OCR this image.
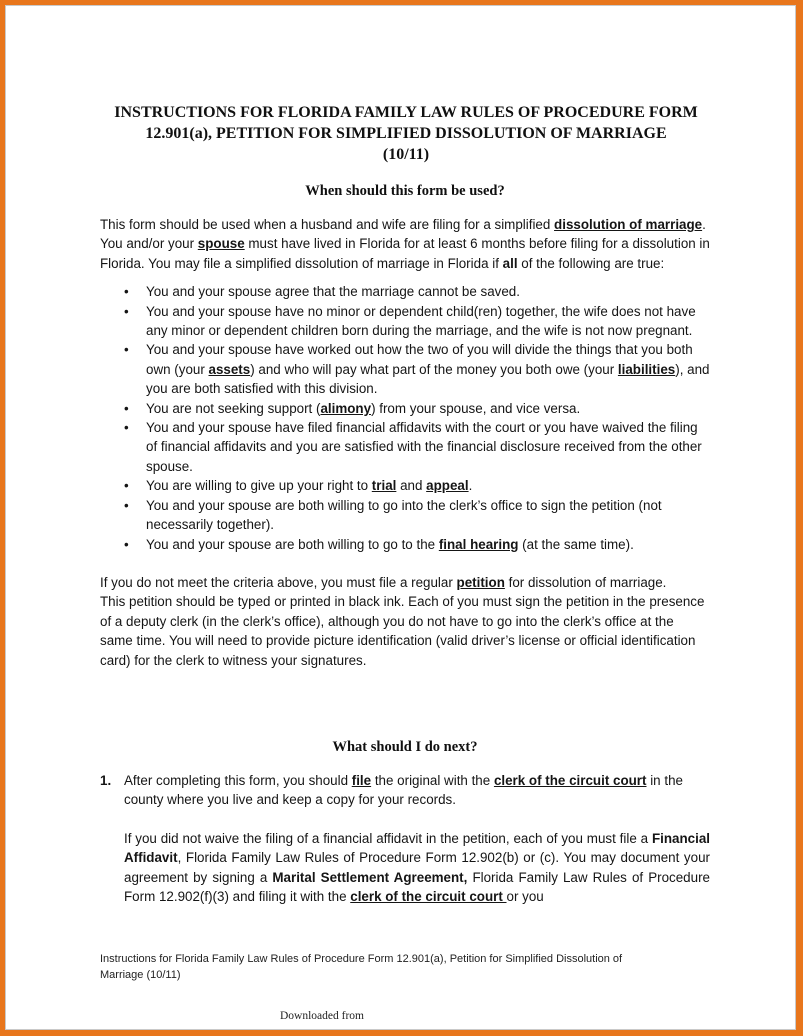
INSTRUCTIONS FOR FLORIDA FAMILY LAW RULES OF PROCEDURE FORM
12.901(a), PETITION FOR SIMPLIFIED DISSOLUTION OF MARRIAGE
(10/11)
When should this form be used?

This form should be used when a husband and wife are filing for a simplified dissolution of marriage. You and/or your spouse must have lived in Florida for at least 6 months before filing for a dissolution in Florida. You may file a simplified dissolution of marriage in Florida if all of the following are true:

• You and your spouse agree that the marriage cannot be saved.
• You and your spouse have no minor or dependent child(ren) together, the wife does not have any minor or dependent children born during the marriage, and the wife is not now pregnant.
• You and your spouse have worked out how the two of you will divide the things that you both own (your assets) and who will pay what part of the money you both owe (your liabilities), and you are both satisfied with this division.
• You are not seeking support (alimony) from your spouse, and vice versa.
• You and your spouse have filed financial affidavits with the court or you have waived the filing of financial affidavits and you are satisfied with the financial disclosure received from the other spouse.
• You are willing to give up your right to trial and appeal.
• You and your spouse are both willing to go into the clerk’s office to sign the petition (not necessarily together).
• You and your spouse are both willing to go to the final hearing (at the same time).

If you do not meet the criteria above, you must file a regular petition for dissolution of marriage.

This petition should be typed or printed in black ink. Each of you must sign the petition in the presence of a deputy clerk (in the clerk’s office), although you do not have to go into the clerk’s office at the same time. You will need to provide picture identification (valid driver’s license or official identification card) for the clerk to witness your signatures.

What should I do next?
1. After completing this form, you should file the original with the clerk of the circuit court in the county where you live and keep a copy for your records.
If you did not waive the filing of a financial affidavit in the petition, each of you must file a Financial Affidavit, Florida Family Law Rules of Procedure Form 12.902(b) or (c). You may document your agreement by signing a Marital Settlement Agreement, Florida Family Law Rules of Procedure Form 12.902(f)(3) and filing it with the clerk of the circuit court or you
Instructions for Florida Family Law Rules of Procedure Form 12.901(a), Petition for Simplified Dissolution of
Marriage (10/11)
Downloaded from
